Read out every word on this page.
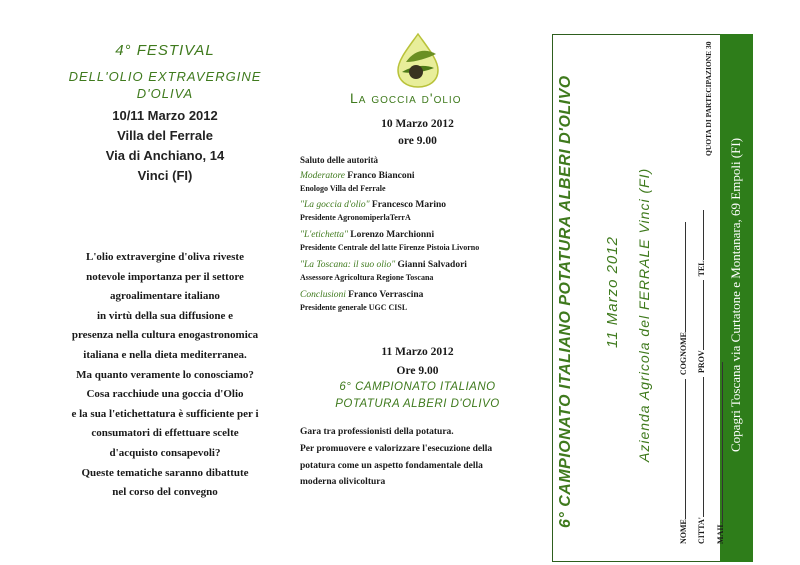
4° FESTIVAL
DELL'OLIO EXTRAVERGINE
D'OLIVA
10/11 Marzo 2012
Villa del Ferrale
Via di Anchiano, 14
Vinci (FI)

L'olio extravergine d'oliva riveste

notevole importanza per il settore

agroalimentare italiano

in virtù della sua diffusione e

presenza nella cultura enogastronomica

italiana e nella dieta mediterranea.

Ma quanto veramente lo conosciamo?

Cosa racchiude una goccia d'Olio

e la sua l'etichettatura è sufficiente per i

consumatori di effettuare scelte

d'acquisto consapevoli?

Queste tematiche saranno dibattute

nel corso del convegno

La goccia d'olio
10 Marzo 2012
ore 9.00
Saluto delle autorità
Moderatore Franco Bianconi
Enologo Villa del Ferrale
"La goccia d'olio" Francesco Marino
Presidente AgronomiperlaTerrA
"L'etichetta" Lorenzo Marchionni
Presidente Centrale del latte Firenze Pistoia Livorno
"La Toscana: il suo olio" Gianni Salvadori
Assessore Agricoltura Regione Toscana
Conclusioni Franco Verrascina
Presidente generale UGC CISL
11 Marzo 2012
Ore 9.00
6° CAMPIONATO ITALIANO
POTATURA ALBERI D'OLIVO
Gara tra professionisti della potatura.
Per promuovere e valorizzare l'esecuzione della
potatura come un aspetto fondamentale della
moderna olivicoltura	6° CAMPIONATO ITALIANO POTATURA ALBERI D'OLIVO 11 Marzo 2012 Azienda Agricola del FERRALE Vinci (FI)
NOMECOGNOME
CITTA'PROVTEL
MAIL
QUOTA DI PARTECIPAZIONE 30
Copagri Toscana via Curtatone e Montanara, 69 Empoli (FI)
